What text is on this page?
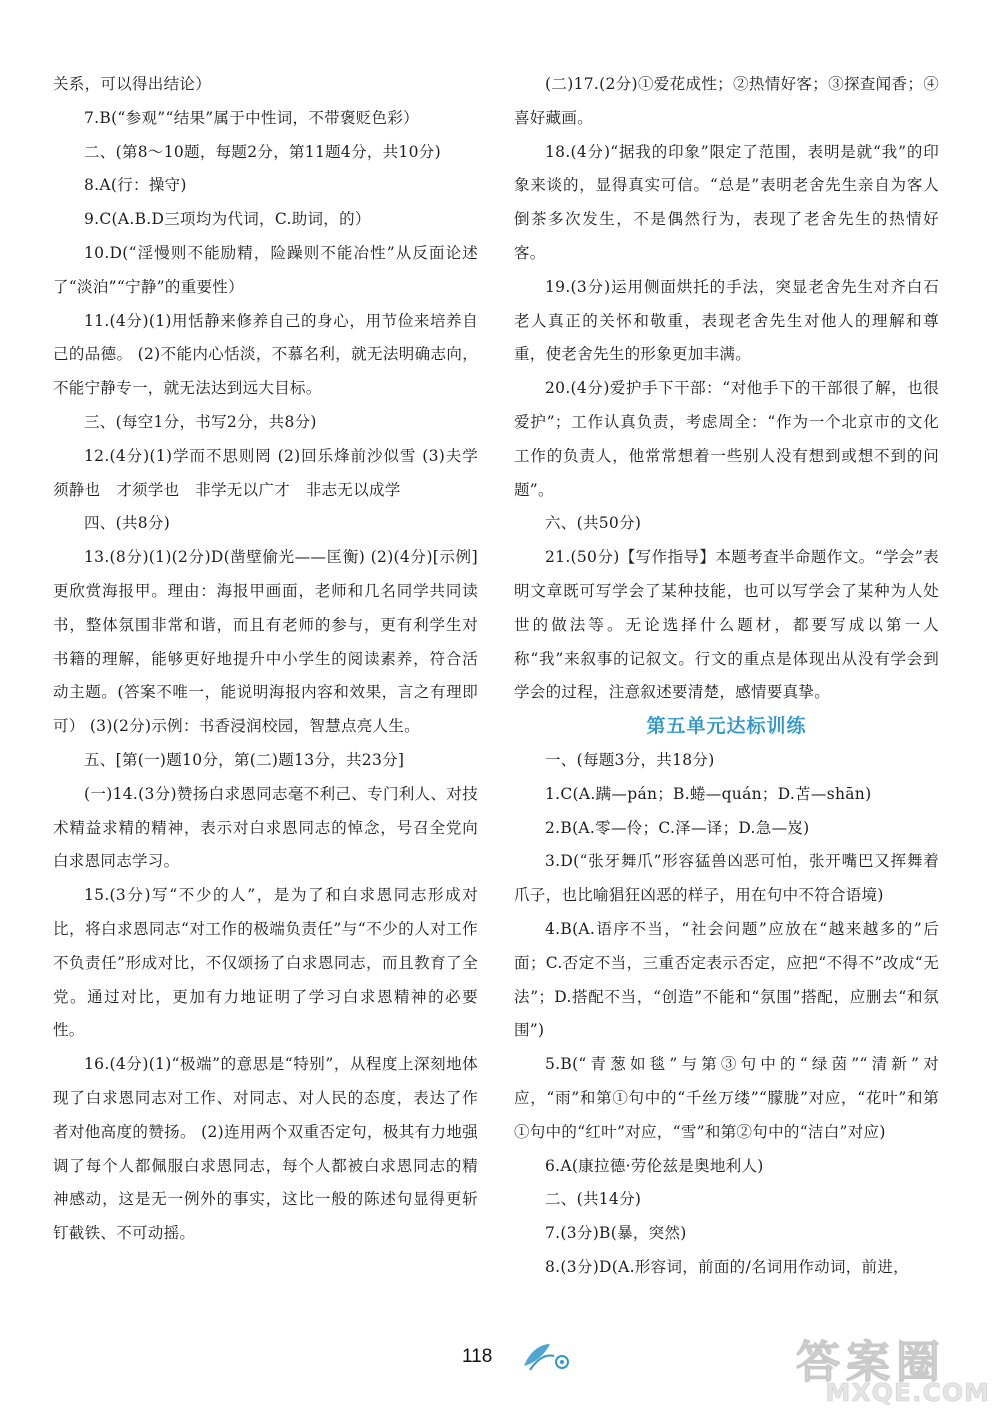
关系，可以得出结论）

7.B(“参观”“结果”属于中性词，不带褒贬色彩）

二、(第8～10题，每题2分，第11题4分，共10分)

8.A(行：操守)

9.C(A.B.D三项均为代词，C.助词，的）

10.D(“淫慢则不能励精，险躁则不能冶性”从反面论述了“淡泊”“宁静”的重要性）

11.(4分)(1)用恬静来修养自己的身心，用节俭来培养自己的品德。 (2)不能内心恬淡，不慕名利，就无法明确志向，不能宁静专一，就无法达到远大目标。

三、(每空1分，书写2分，共8分)

12.(4分)(1)学而不思则罔 (2)回乐烽前沙似雪 (3)夫学须静也　才须学也　非学无以广才　非志无以成学

四、(共8分)

13.(8分)(1)(2分)D(凿壁偷光——匡衡) (2)(4分)[示例]更欣赏海报甲。理由：海报甲画面，老师和几名同学共同读书，整体氛围非常和谐，而且有老师的参与，更有利学生对书籍的理解，能够更好地提升中小学生的阅读素养，符合活动主题。(答案不唯一，能说明海报内容和效果，言之有理即可） (3)(2分)示例：书香浸润校园，智慧点亮人生。

五、[第(一)题10分，第(二)题13分，共23分]

(一)14.(3分)赞扬白求恩同志毫不利己、专门利人、对技术精益求精的精神，表示对白求恩同志的悼念，号召全党向白求恩同志学习。

15.(3分)写“不少的人”，是为了和白求恩同志形成对比，将白求恩同志“对工作的极端负责任”与“不少的人对工作不负责任”形成对比，不仅颂扬了白求恩同志，而且教育了全党。通过对比，更加有力地证明了学习白求恩精神的必要性。

16.(4分)(1)“极端”的意思是“特别”，从程度上深刻地体现了白求恩同志对工作、对同志、对人民的态度，表达了作者对他高度的赞扬。 (2)连用两个双重否定句，极其有力地强调了每个人都佩服白求恩同志，每个人都被白求恩同志的精神感动，这是无一例外的事实，这比一般的陈述句显得更斩钉截铁、不可动摇。

(二)17.(2分)①爱花成性；②热情好客；③探查闻香；④喜好藏画。

18.(4分)“据我的印象”限定了范围，表明是就“我”的印象来谈的，显得真实可信。“总是”表明老舍先生亲自为客人倒茶多次发生，不是偶然行为，表现了老舍先生的热情好客。

19.(3分)运用侧面烘托的手法，突显老舍先生对齐白石老人真正的关怀和敬重，表现老舍先生对他人的理解和尊重，使老舍先生的形象更加丰满。

20.(4分)爱护手下干部：“对他手下的干部很了解，也很爱护”；工作认真负责，考虑周全：“作为一个北京市的文化工作的负责人，他常常想着一些别人没有想到或想不到的问题”。

六、(共50分)

21.(50分)【写作指导】本题考查半命题作文。“学会”表明文章既可写学会了某种技能，也可以写学会了某种为人处世的做法等。无论选择什么题材，都要写成以第一人称“我”来叙事的记叙文。行文的重点是体现出从没有学会到学会的过程，注意叙述要清楚，感情要真挚。

第五单元达标训练

一、(每题3分，共18分)

1.C(A.蹒—pán；B.蜷—quán；D.苫—shān)

2.B(A.零—伶；C.泽—译；D.急—岌)

3.D(“张牙舞爪”形容猛兽凶恶可怕，张开嘴巴又挥舞着爪子，也比喻猖狂凶恶的样子，用在句中不符合语境)

4.B(A.语序不当，“社会问题”应放在“越来越多的”后面；C.否定不当，三重否定表示否定，应把“不得不”改成“无法”；D.搭配不当，“创造”不能和“氛围”搭配，应删去“和氛围”)

5.B(“青葱如毯”与第③句中的“绿茵”“清新”对应，“雨”和第①句中的“千丝万缕”“朦胧”对应，“花叶”和第①句中的“红叶”对应，“雪”和第②句中的“洁白”对应)

6.A(康拉德·劳伦兹是奥地利人)

二、(共14分)

7.(3分)B(暴，突然)

8.(3分)D(A.形容词，前面的/名词用作动词，前进，

118	答案圈
MXQE.COM
